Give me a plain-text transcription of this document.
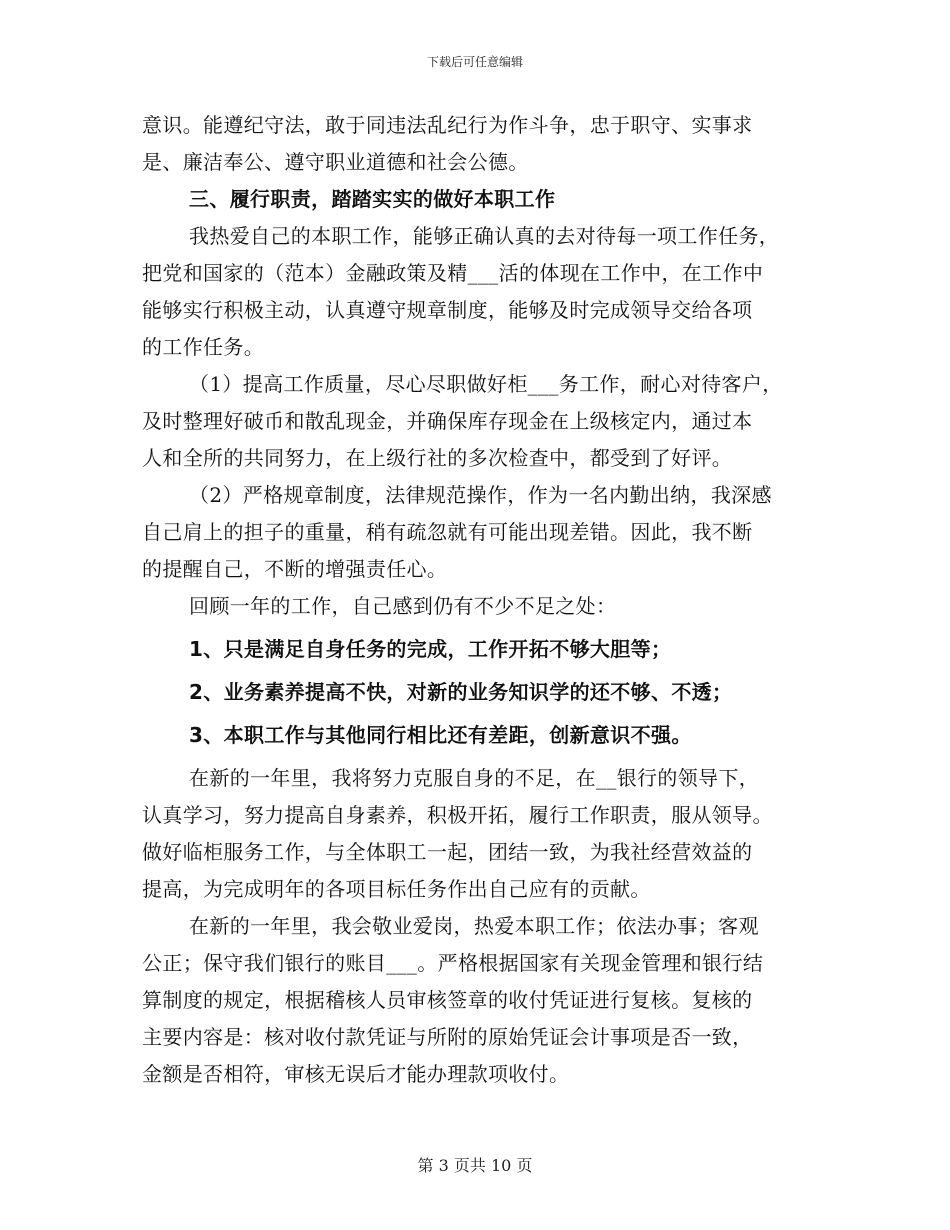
下载后可任意编辑
意识。能遵纪守法，敢于同违法乱纪行为作斗争，忠于职守、实事求
是、廉洁奉公、遵守职业道德和社会公德。
三、履行职责，踏踏实实的做好本职工作
我热爱自己的本职工作，能够正确认真的去对待每一项工作任务，
把党和国家的（范本）金融政策及精___活的体现在工作中，在工作中
能够实行积极主动，认真遵守规章制度，能够及时完成领导交给各项
的工作任务。
（1）提高工作质量，尽心尽职做好柜___务工作，耐心对待客户，
及时整理好破币和散乱现金，并确保库存现金在上级核定内，通过本
人和全所的共同努力，在上级行社的多次检查中，都受到了好评。
（2）严格规章制度，法律规范操作，作为一名内勤出纳，我深感
自己肩上的担子的重量，稍有疏忽就有可能出现差错。因此，我不断
的提醒自己，不断的增强责任心。
回顾一年的工作，自己感到仍有不少不足之处：
1、只是满足自身任务的完成，工作开拓不够大胆等；
2、业务素养提高不快，对新的业务知识学的还不够、不透；
3、本职工作与其他同行相比还有差距，创新意识不强。
在新的一年里，我将努力克服自身的不足，在__银行的领导下，
认真学习，努力提高自身素养，积极开拓，履行工作职责，服从领导。
做好临柜服务工作，与全体职工一起，团结一致，为我社经营效益的
提高，为完成明年的各项目标任务作出自己应有的贡献。
在新的一年里，我会敬业爱岗，热爱本职工作；依法办事；客观
公正；保守我们银行的账目___。严格根据国家有关现金管理和银行结
算制度的规定，根据稽核人员审核签章的收付凭证进行复核。复核的
主要内容是：核对收付款凭证与所附的原始凭证会计事项是否一致，
金额是否相符，审核无误后才能办理款项收付。
第 3 页共 10 页
